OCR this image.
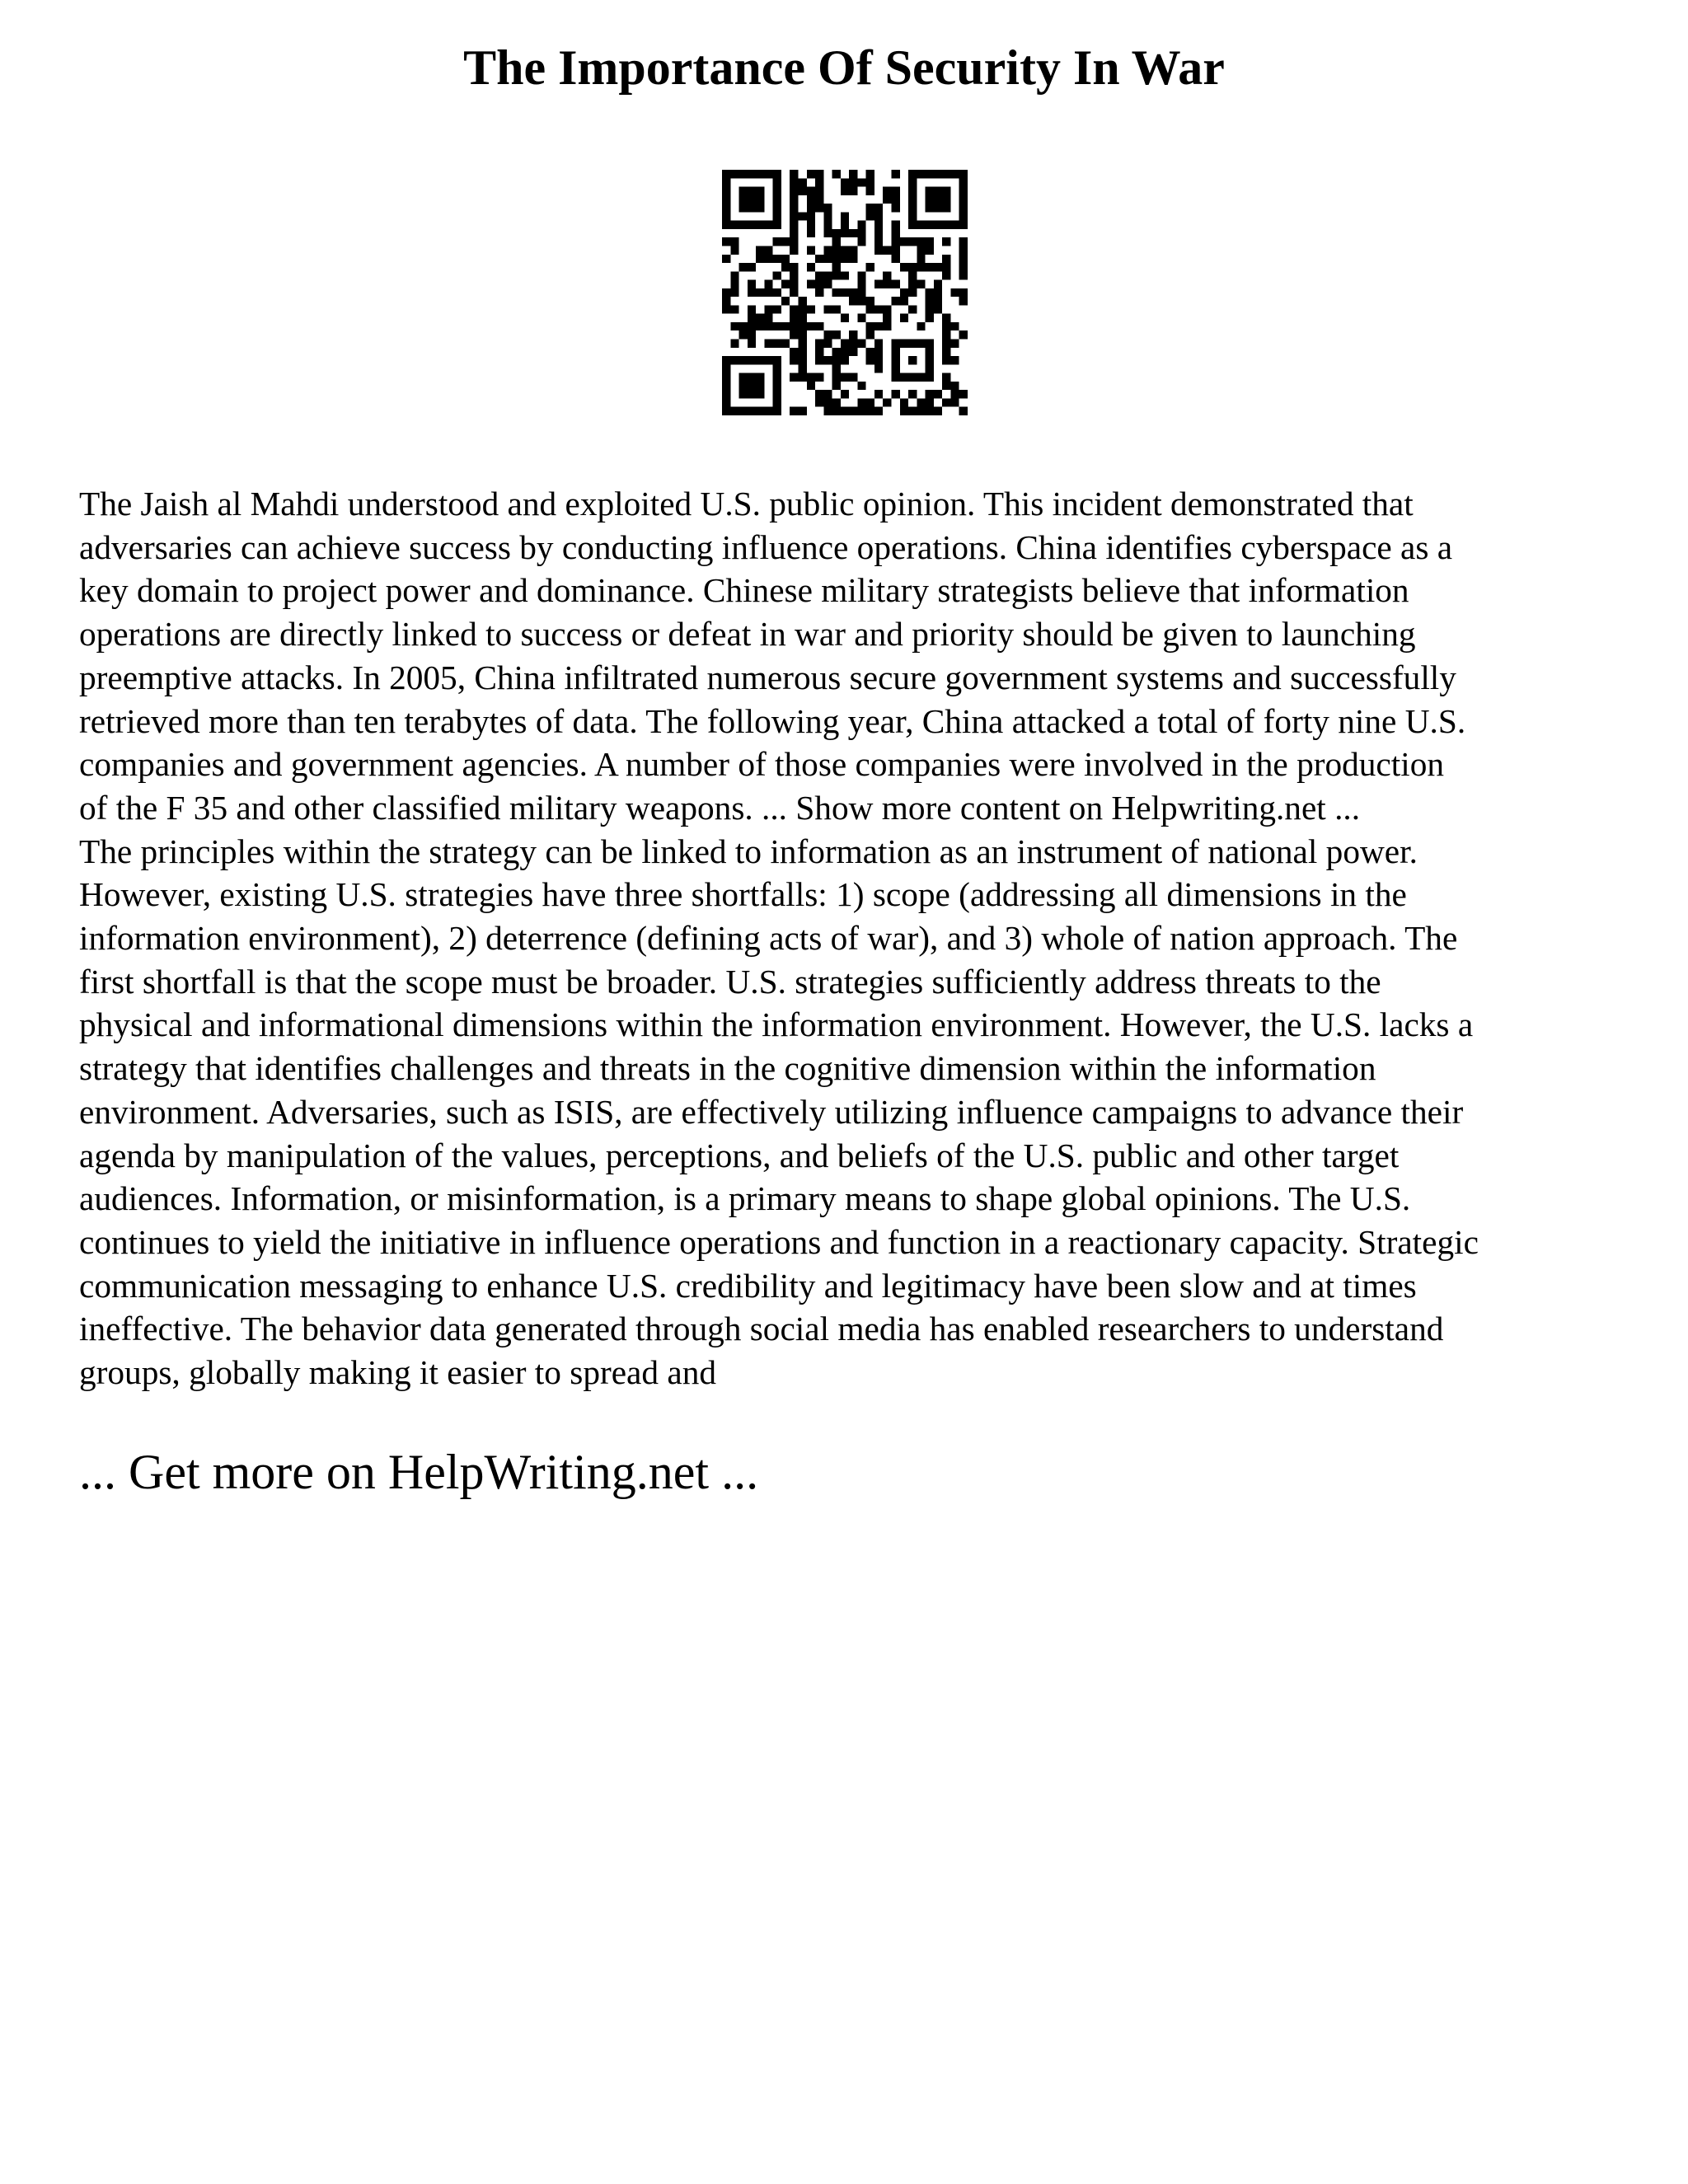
The Importance Of Security In War

The Jaish al Mahdi understood and exploited U.S. public opinion. This incident demonstrated that
adversaries can achieve success by conducting influence operations. China identifies cyberspace as a
key domain to project power and dominance. Chinese military strategists believe that information
operations are directly linked to success or defeat in war and priority should be given to launching
preemptive attacks. In 2005, China infiltrated numerous secure government systems and successfully
retrieved more than ten terabytes of data. The following year, China attacked a total of forty nine U.S.
companies and government agencies. A number of those companies were involved in the production
of the F 35 and other classified military weapons. ... Show more content on Helpwriting.net ...
The principles within the strategy can be linked to information as an instrument of national power.
However, existing U.S. strategies have three shortfalls: 1) scope (addressing all dimensions in the
information environment), 2) deterrence (defining acts of war), and 3) whole of nation approach. The
first shortfall is that the scope must be broader. U.S. strategies sufficiently address threats to the
physical and informational dimensions within the information environment. However, the U.S. lacks a
strategy that identifies challenges and threats in the cognitive dimension within the information
environment. Adversaries, such as ISIS, are effectively utilizing influence campaigns to advance their
agenda by manipulation of the values, perceptions, and beliefs of the U.S. public and other target
audiences. Information, or misinformation, is a primary means to shape global opinions. The U.S.
continues to yield the initiative in influence operations and function in a reactionary capacity. Strategic
communication messaging to enhance U.S. credibility and legitimacy have been slow and at times
ineffective. The behavior data generated through social media has enabled researchers to understand
groups, globally making it easier to spread and

... Get more on HelpWriting.net ...
